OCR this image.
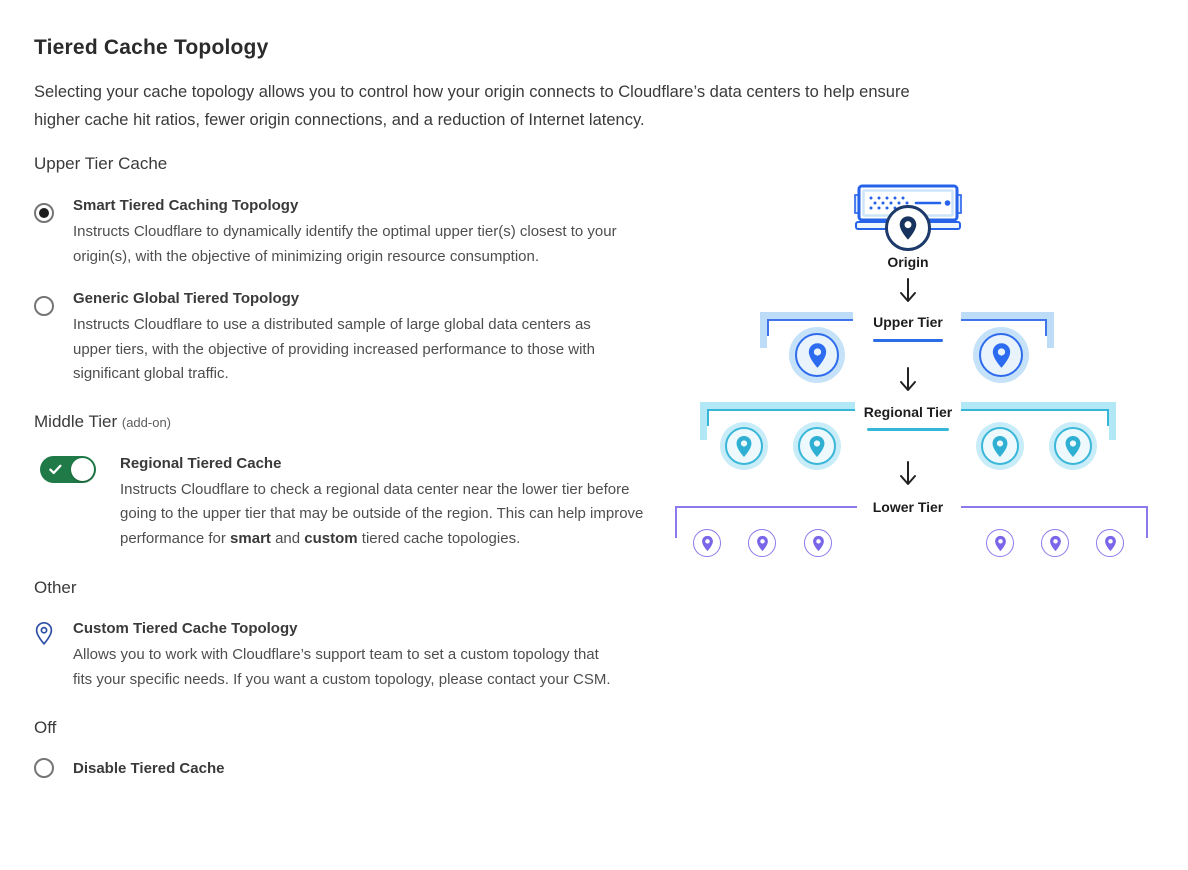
Tiered Cache Topology

Selecting your cache topology allows you to control how your origin connects to Cloudflare’s data centers to help ensure higher cache hit ratios, fewer origin connections, and a reduction of Internet latency.

Upper Tier Cache
Smart Tiered Caching Topology
Instructs Cloudflare to dynamically identify the optimal upper tier(s) closest to your origin(s), with the objective of minimizing origin resource consumption.
Generic Global Tiered Topology
Instructs Cloudflare to use a distributed sample of large global data centers as upper tiers, with the objective of providing increased performance to those with significant global traffic.
Middle Tier (add-on)
Regional Tiered Cache
Instructs Cloudflare to check a regional data center near the lower tier before going to the upper tier that may be outside of the region. This can help improve performance for smart and custom tiered cache topologies.
Other
Custom Tiered Cache Topology
Allows you to work with Cloudflare’s support team to set a custom topology that fits your specific needs. If you want a custom topology, please contact your CSM.
Off
Disable Tiered Cache
Origin
Upper Tier
Regional Tier
Lower Tier
